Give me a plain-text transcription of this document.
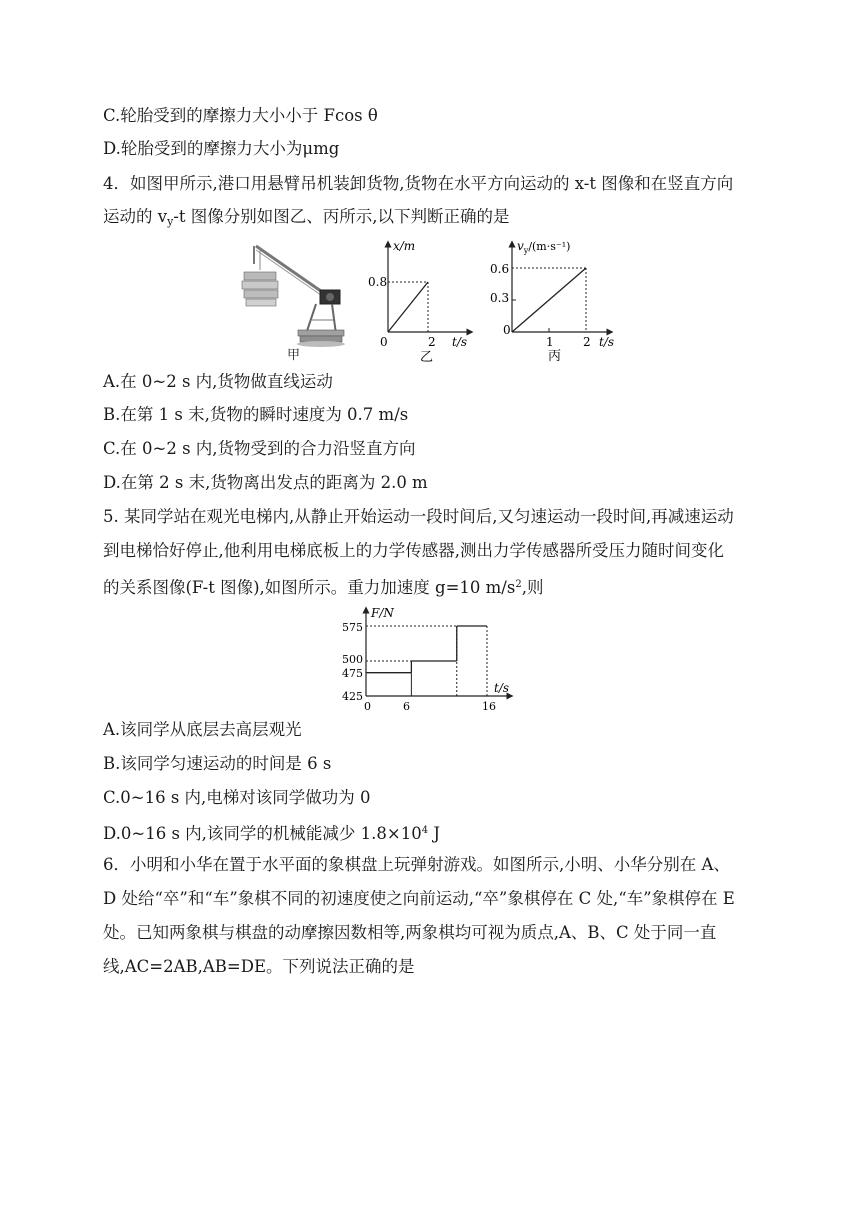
C.轮胎受到的摩擦力大小小于 Fcos θ
D.轮胎受到的摩擦力大小为μmg
4．如图甲所示,港口用悬臂吊机装卸货物,货物在水平方向运动的 x-t 图像和在竖直方向
运动的 $v_y-t$ 图像分别如图乙、丙所示,以下判断正确的是
甲
x/m
0.8
2
0	t/s
乙
$v_y/(m\cdot s^{-1})$
0.6
0.3
0
1 2 t/s
丙
A.在 0~2 s 内,货物做直线运动
B.在第 1 s 末,货物的瞬时速度为 0.7 m/s
C.在 0~2 s 内,货物受到的合力沿竖直方向
D.在第 2 s 末,货物离出发点的距离为 2.0 m
5. 某同学站在观光电梯内,从静止开始运动一段时间后,又匀速运动一段时间,再减速运动
到电梯恰好停止,他利用电梯底板上的力学传感器,测出力学传感器所受压力随时间变化
的关系图像(F-t 图像),如图所示。重力加速度 g=10 $m/s^2$,则
F/N
575
500
475
425
0	6	16
t/s
A.该同学从底层去高层观光
B.该同学匀速运动的时间是 6 s
C.0~16 s 内,电梯对该同学做功为 0
D.0~16 s 内,该同学的机械能减少 $1.8\times 10^4$ J
6．小明和小华在置于水平面的象棋盘上玩弹射游戏。如图所示,小明、小华分别在 A、
D 处给“卒”和“车”象棋不同的初速度使之向前运动,“卒”象棋停在 C 处,“车”象棋停在 E
处。已知两象棋与棋盘的动摩擦因数相等,两象棋均可视为质点,A、B、C 处于同一直
线,AC=2AB,AB=DE。下列说法正确的是
